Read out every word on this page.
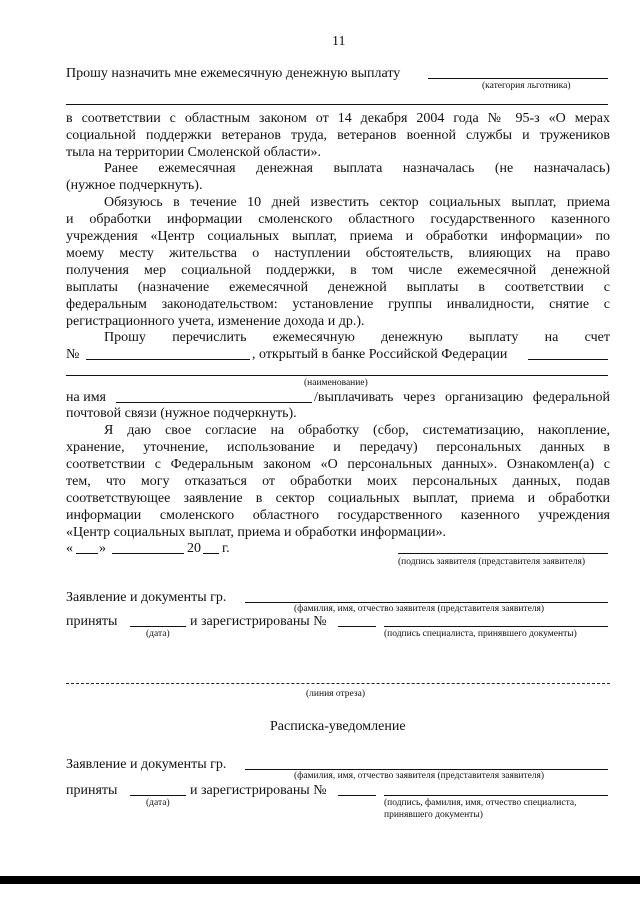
11
Прошу назначить мне ежемесячную денежную выплату
(категория льготника)
в соответствии с областным законом от 14 декабря 2004 года № 95-з «О мерах
социальной поддержки ветеранов труда, ветеранов военной службы и тружеников
тыла на территории Смоленской области».
Ранее ежемесячная денежная выплата назначалась (не назначалась)
(нужное подчеркнуть).
Обязуюсь в течение 10 дней известить сектор социальных выплат, приема
и обработки информации смоленского областного государственного казенного
учреждения «Центр социальных выплат, приема и обработки информации» по
моему месту жительства о наступлении обстоятельств, влияющих на право
получения мер социальной поддержки, в том числе ежемесячной денежной
выплаты (назначение ежемесячной денежной выплаты в соответствии с
федеральным законодательством: установление группы инвалидности, снятие с
регистрационного учета, изменение дохода и др.).
Прошу перечислить ежемесячную денежную выплату на счет
№	, открытый в банке Российской Федерации
(наименование)
на имя	/выплачивать через организацию федеральной
почтовой связи (нужное подчеркнуть).
Я даю свое согласие на обработку (сбор, систематизацию, накопление,
хранение, уточнение, использование и передачу) персональных данных в
соответствии с Федеральным законом «О персональных данных». Ознакомлен(а) с
тем, что могу отказаться от обработки моих персональных данных, подав
соответствующее заявление в сектор социальных выплат, приема и обработки
информации смоленского областного государственного казенного учреждения
«Центр социальных выплат, приема и обработки информации».
« »	20 г.
(подпись заявителя (представителя заявителя)
Заявление и документы гр.
(фамилия, имя, отчество заявителя (представителя заявителя)
приняты	и зарегистрированы №
(дата)	(подпись специалиста, принявшего документы)
(линия отреза)
Расписка-уведомление
Заявление и документы гр.
(фамилия, имя, отчество заявителя (представителя заявителя)
приняты	и зарегистрированы №
(дата)	(подпись, фамилия, имя, отчество специалиста,
принявшего документы)
